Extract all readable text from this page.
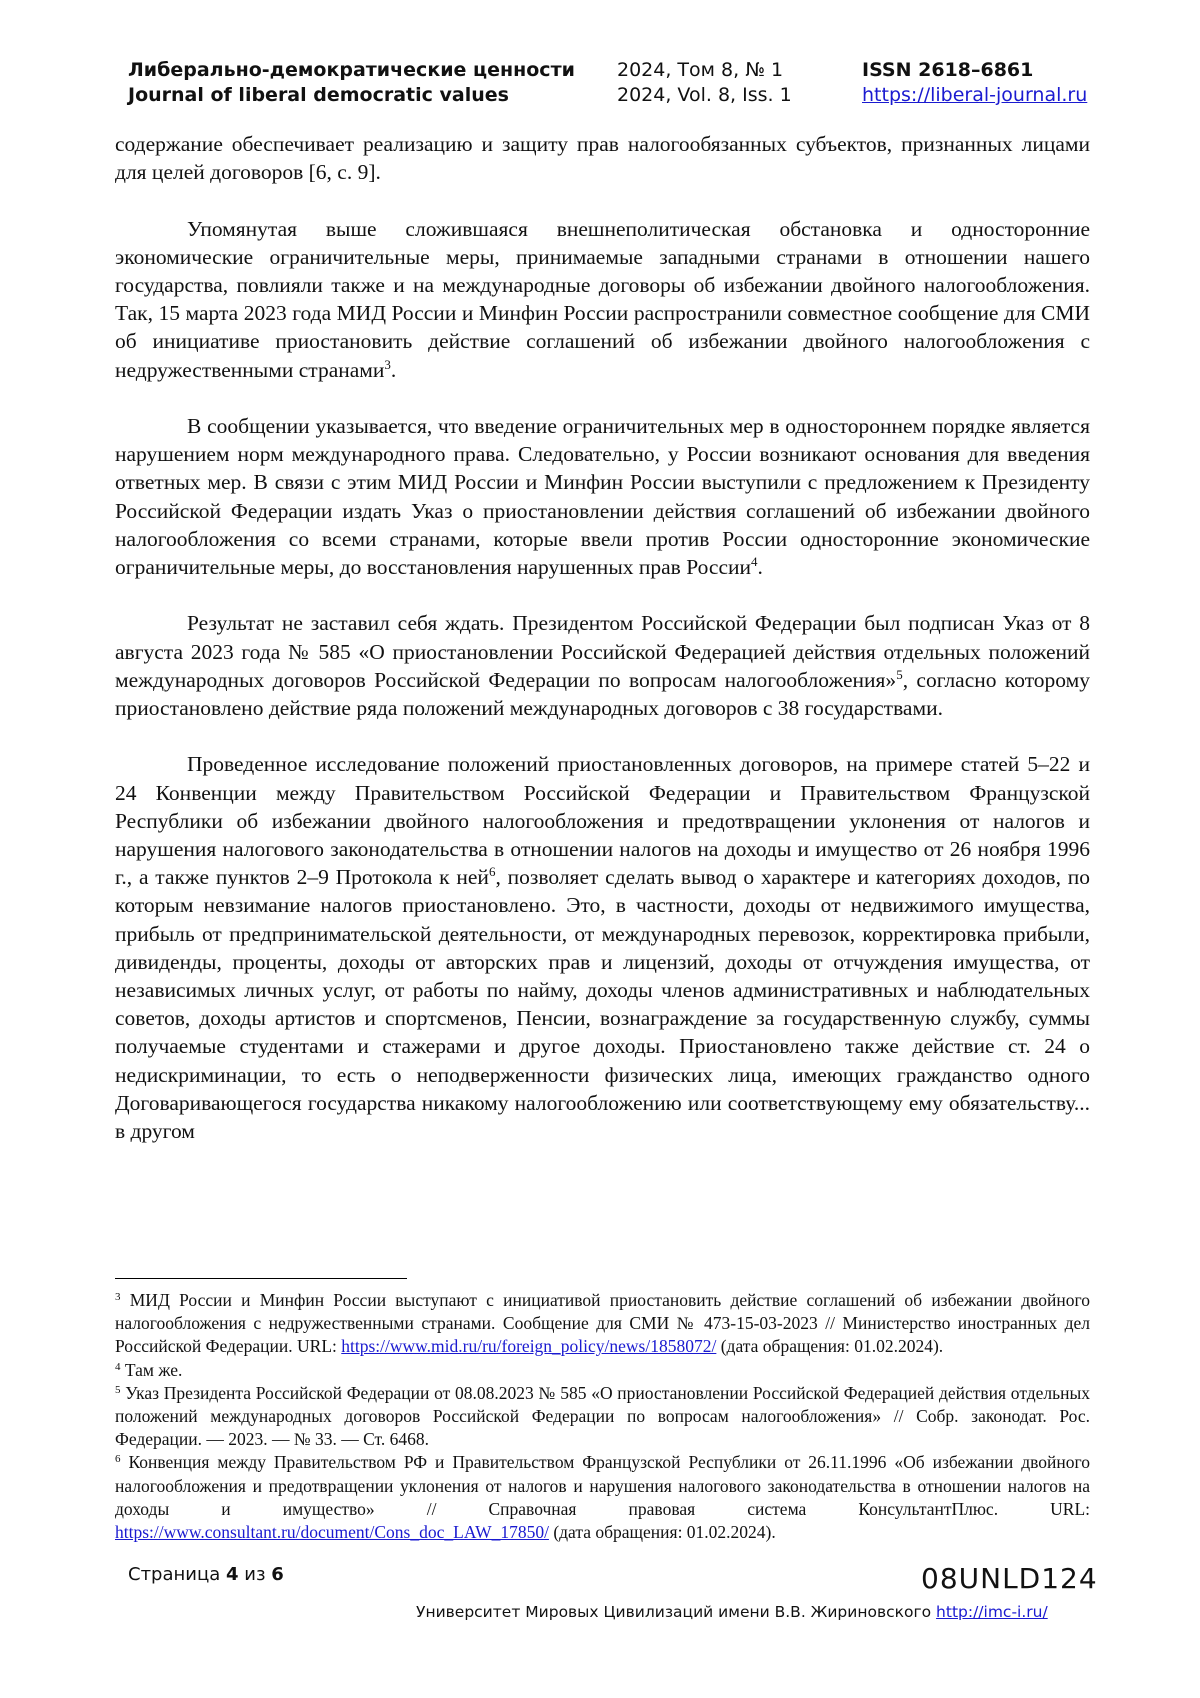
Либерально-демократические ценности
Journal of liberal democratic values
2024, Том 8, № 1
2024, Vol. 8, Iss. 1
ISSN 2618–6861
https://liberal-journal.ru

содержание обеспечивает реализацию и защиту прав налогообязанных субъектов, признанных лицами для целей договоров [6, с. 9].

Упомянутая выше сложившаяся внешнеполитическая обстановка и односторонние экономические ограничительные меры, принимаемые западными странами в отношении нашего государства, повлияли также и на международные договоры об избежании двойного налогообложения. Так, 15 марта 2023 года МИД России и Минфин России распространили совместное сообщение для СМИ об инициативе приостановить действие соглашений об избежании двойного налогообложения с недружественными странами$^3$.

В сообщении указывается, что введение ограничительных мер в одностороннем порядке является нарушением норм международного права. Следовательно, у России возникают основания для введения ответных мер. В связи с этим МИД России и Минфин России выступили с предложением к Президенту Российской Федерации издать Указ о приостановлении действия соглашений об избежании двойного налогообложения со всеми странами, которые ввели против России односторонние экономические ограничительные меры, до восстановления нарушенных прав России$^4$.

Результат не заставил себя ждать. Президентом Российской Федерации был подписан Указ от 8 августа 2023 года № 585 «О приостановлении Российской Федерацией действия отдельных положений международных договоров Российской Федерации по вопросам налогообложения»$^5$, согласно которому приостановлено действие ряда положений международных договоров с 38 государствами.

Проведенное исследование положений приостановленных договоров, на примере статей 5–22 и 24 Конвенции между Правительством Российской Федерации и Правительством Французской Республики об избежании двойного налогообложения и предотвращении уклонения от налогов и нарушения налогового законодательства в отношении налогов на доходы и имущество от 26 ноября 1996 г., а также пунктов 2–9 Протокола к ней$^6$, позволяет сделать вывод о характере и категориях доходов, по которым невзимание налогов приостановлено. Это, в частности, доходы от недвижимого имущества, прибыль от предпринимательской деятельности, от международных перевозок, корректировка прибыли, дивиденды, проценты, доходы от авторских прав и лицензий, доходы от отчуждения имущества, от независимых личных услуг, от работы по найму, доходы членов административных и наблюдательных советов, доходы артистов и спортсменов, Пенсии, вознаграждение за государственную службу, суммы получаемые студентами и стажерами и другое доходы. Приостановлено также действие ст. 24 о недискриминации, то есть о неподверженности физических лица, имеющих гражданство одного Договаривающегося государства никакому налогообложению или соответствующему ему обязательству... в другом

$^3$ МИД России и Минфин России выступают с инициативой приостановить действие соглашений об избежании двойного налогообложения с недружественными странами. Сообщение для СМИ № 473-15-03-2023 // Министерство иностранных дел Российской Федерации. URL: https://www.mid.ru/ru/foreign_policy/news/1858072/ (дата обращения: 01.02.2024).

$^4$ Там же.

$^5$ Указ Президента Российской Федерации от 08.08.2023 № 585 «О приостановлении Российской Федерацией действия отдельных положений международных договоров Российской Федерации по вопросам налогообложения» // Собр. законодат. Рос. Федерации. — 2023. — № 33. — Ст. 6468.

$^6$ Конвенция между Правительством РФ и Правительством Французской Республики от 26.11.1996 «Об избежании двойного налогообложения и предотвращении уклонения от налогов и нарушения налогового законодательства в отношении налогов на доходы и имущество» // Справочная правовая система КонсультантПлюс. URL: https://www.consultant.ru/document/Cons_doc_LAW_17850/ (дата обращения: 01.02.2024).

Страница 4 из 6	08UNLD124
Университет Мировых Цивилизаций имени В.В. Жириновского http://imc-i.ru/
